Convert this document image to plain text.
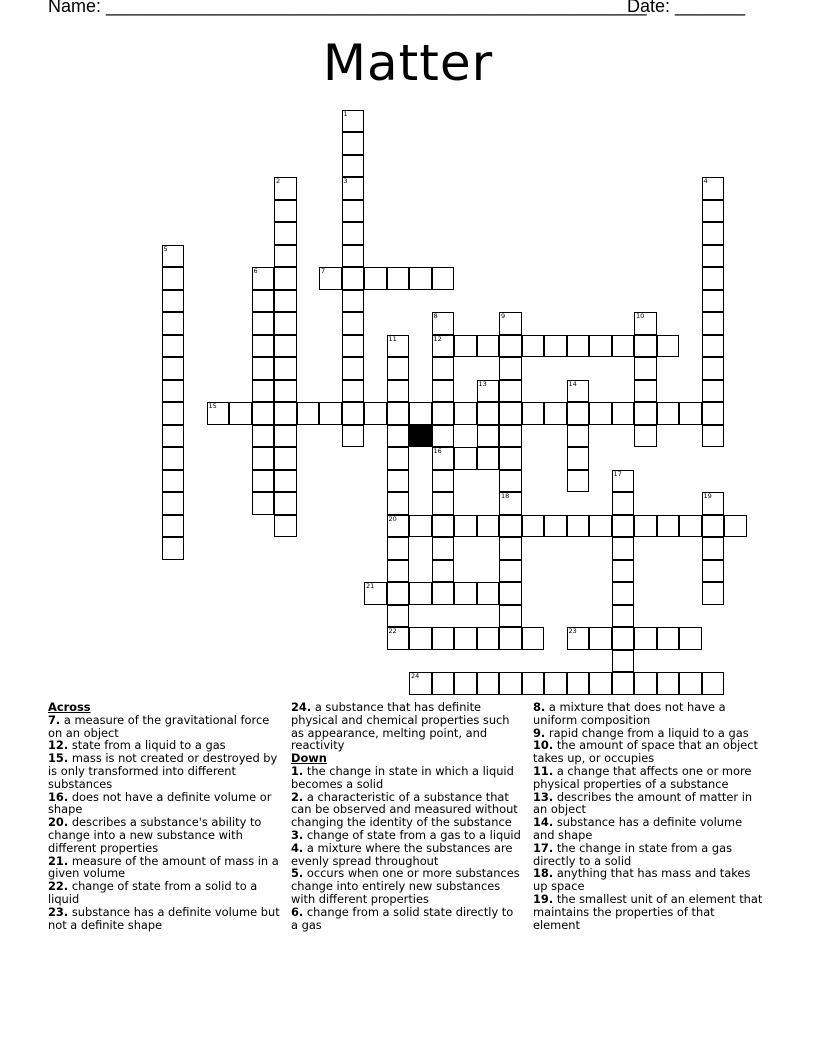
Name: ______________________________________________________
Date: _______
Matter
7
12
15
16
20
21
22	23
24
1
3
2	4
5
6
8	9	10
11
13	14
17
18	19
Across
7. a measure of the gravitational force on an object
12. state from a liquid to a gas
15. mass is not created or destroyed by is only transformed into different substances
16. does not have a definite volume or shape
20. describes a substance's ability to change into a new substance with different properties
21. measure of the amount of mass in a given volume
22. change of state from a solid to a liquid
23. substance has a definite volume but not a definite shape
24. a substance that has definite physical and chemical properties such as appearance, melting point, and reactivity
Down
1. the change in state in which a liquid becomes a solid
2. a characteristic of a substance that can be observed and measured without changing the identity of the substance
3. change of state from a gas to a liquid
4. a mixture where the substances are evenly spread throughout
5. occurs when one or more substances change into entirely new substances with different properties
6. change from a solid state directly to a gas
8. a mixture that does not have a uniform composition
9. rapid change from a liquid to a gas
10. the amount of space that an object takes up, or occupies
11. a change that affects one or more physical properties of a substance
13. describes the amount of matter in an object
14. substance has a definite volume and shape
17. the change in state from a gas directly to a solid
18. anything that has mass and takes up space
19. the smallest unit of an element that maintains the properties of that element
